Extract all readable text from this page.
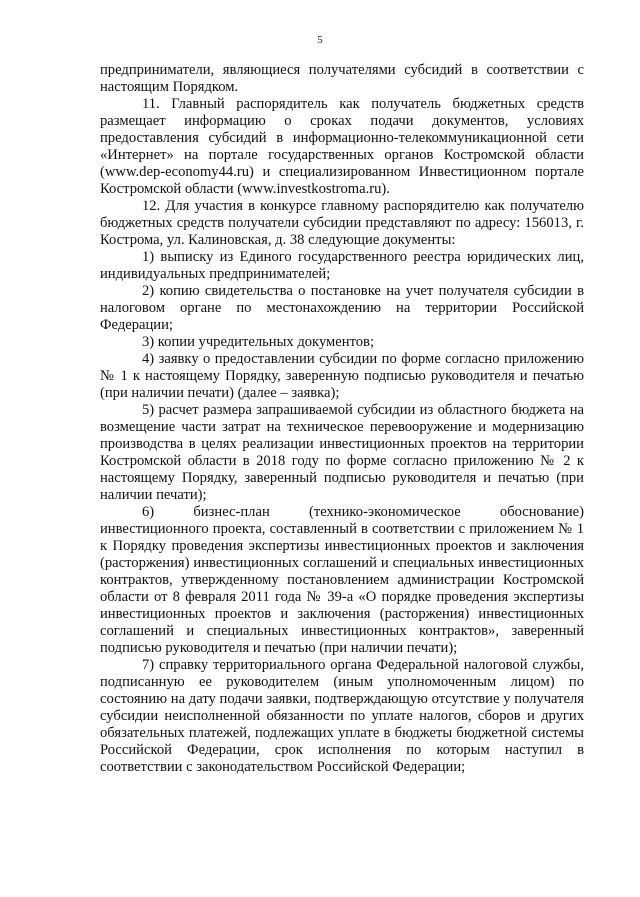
5

предприниматели, являющиеся получателями субсидий в соответствии с настоящим Порядком.

11. Главный распорядитель как получатель бюджетных средств размещает информацию о сроках подачи документов, условиях предоставления субсидий в информационно-телекоммуникационной сети «Интернет» на портале государственных органов Костромской области (www.dep-economy44.ru) и специализированном Инвестиционном портале Костромской области (www.investkostroma.ru).

12. Для участия в конкурсе главному распорядителю как получателю бюджетных средств получатели субсидии представляют по адресу: 156013, г. Кострома, ул. Калиновская, д. 38 следующие документы:

1) выписку из Единого государственного реестра юридических лиц, индивидуальных предпринимателей;

2) копию свидетельства о постановке на учет получателя субсидии в налоговом органе по местонахождению на территории Российской Федерации;

3) копии учредительных документов;

4) заявку о предоставлении субсидии по форме согласно приложению № 1 к настоящему Порядку, заверенную подписью руководителя и печатью (при наличии печати) (далее – заявка);

5) расчет размера запрашиваемой субсидии из областного бюджета на возмещение части затрат на техническое перевооружение и модернизацию производства в целях реализации инвестиционных проектов на территории Костромской области в 2018 году по форме согласно приложению № 2 к настоящему Порядку, заверенный подписью руководителя и печатью (при наличии печати);

6) бизнес-план (технико-экономическое обоснование) инвестиционного проекта, составленный в соответствии с приложением № 1 к Порядку проведения экспертизы инвестиционных проектов и заключения (расторжения) инвестиционных соглашений и специальных инвестиционных контрактов, утвержденному постановлением администрации Костромской области от 8 февраля 2011 года № 39-а «О порядке проведения экспертизы инвестиционных проектов и заключения (расторжения) инвестиционных соглашений и специальных инвестиционных контрактов», заверенный подписью руководителя и печатью (при наличии печати);

7) справку территориального органа Федеральной налоговой службы, подписанную ее руководителем (иным уполномоченным лицом) по состоянию на дату подачи заявки, подтверждающую отсутствие у получателя субсидии неисполненной обязанности по уплате налогов, сборов и других обязательных платежей, подлежащих уплате в бюджеты бюджетной системы Российской Федерации, срок исполнения по которым наступил в соответствии с законодательством Российской Федерации;
